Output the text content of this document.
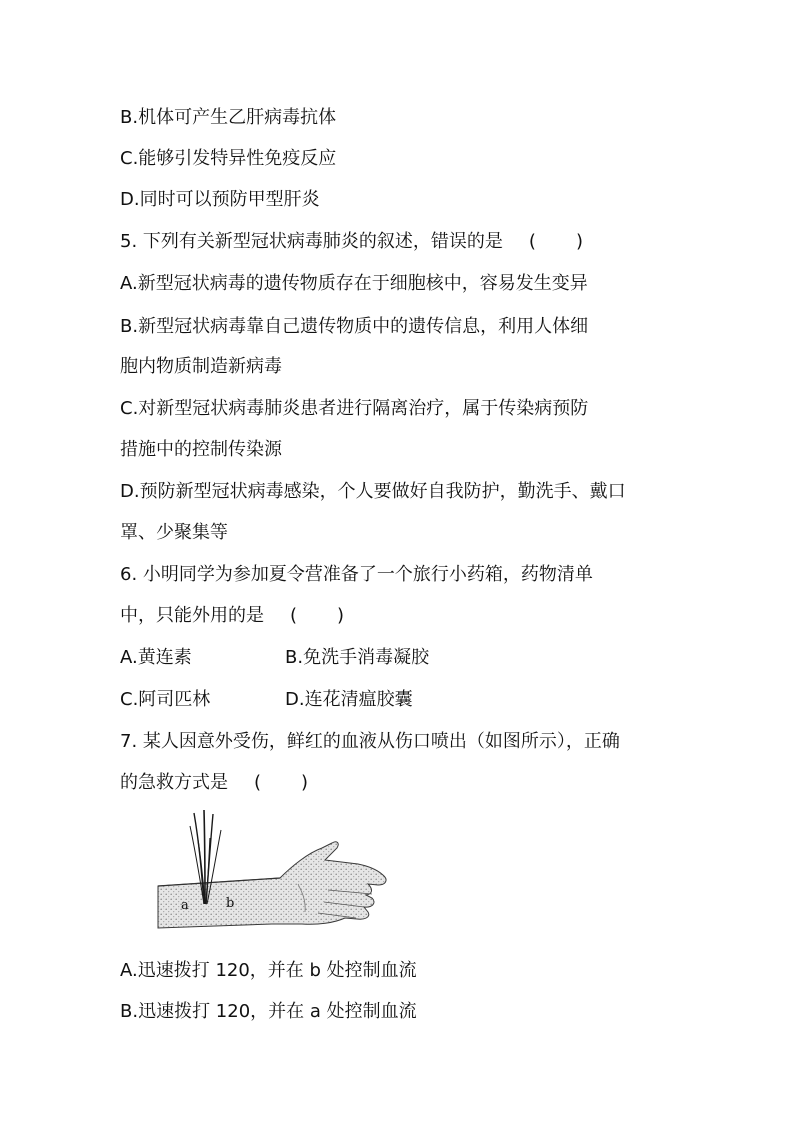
B.机体可产生乙肝病毒抗体
C.能够引发特异性免疫反应
D.同时可以预防甲型肝炎
5. 下列有关新型冠状病毒肺炎的叙述，错误的是 ( )
A.新型冠状病毒的遗传物质存在于细胞核中，容易发生变异
B.新型冠状病毒靠自己遗传物质中的遗传信息，利用人体细
胞内物质制造新病毒
C.对新型冠状病毒肺炎患者进行隔离治疗，属于传染病预防
措施中的控制传染源
D.预防新型冠状病毒感染，个人要做好自我防护，勤洗手、戴口
罩、少聚集等
6. 小明同学为参加夏令营准备了一个旅行小药箱，药物清单
中，只能外用的是 ( )
A.黄连素	B.免洗手消毒凝胶
C.阿司匹林	D.连花清瘟胶囊
7. 某人因意外受伤，鲜红的血液从伤口喷出（如图所示），正确
的急救方式是 ( )
a	b
A.迅速拨打 120，并在 b 处控制血流
B.迅速拨打 120，并在 a 处控制血流
